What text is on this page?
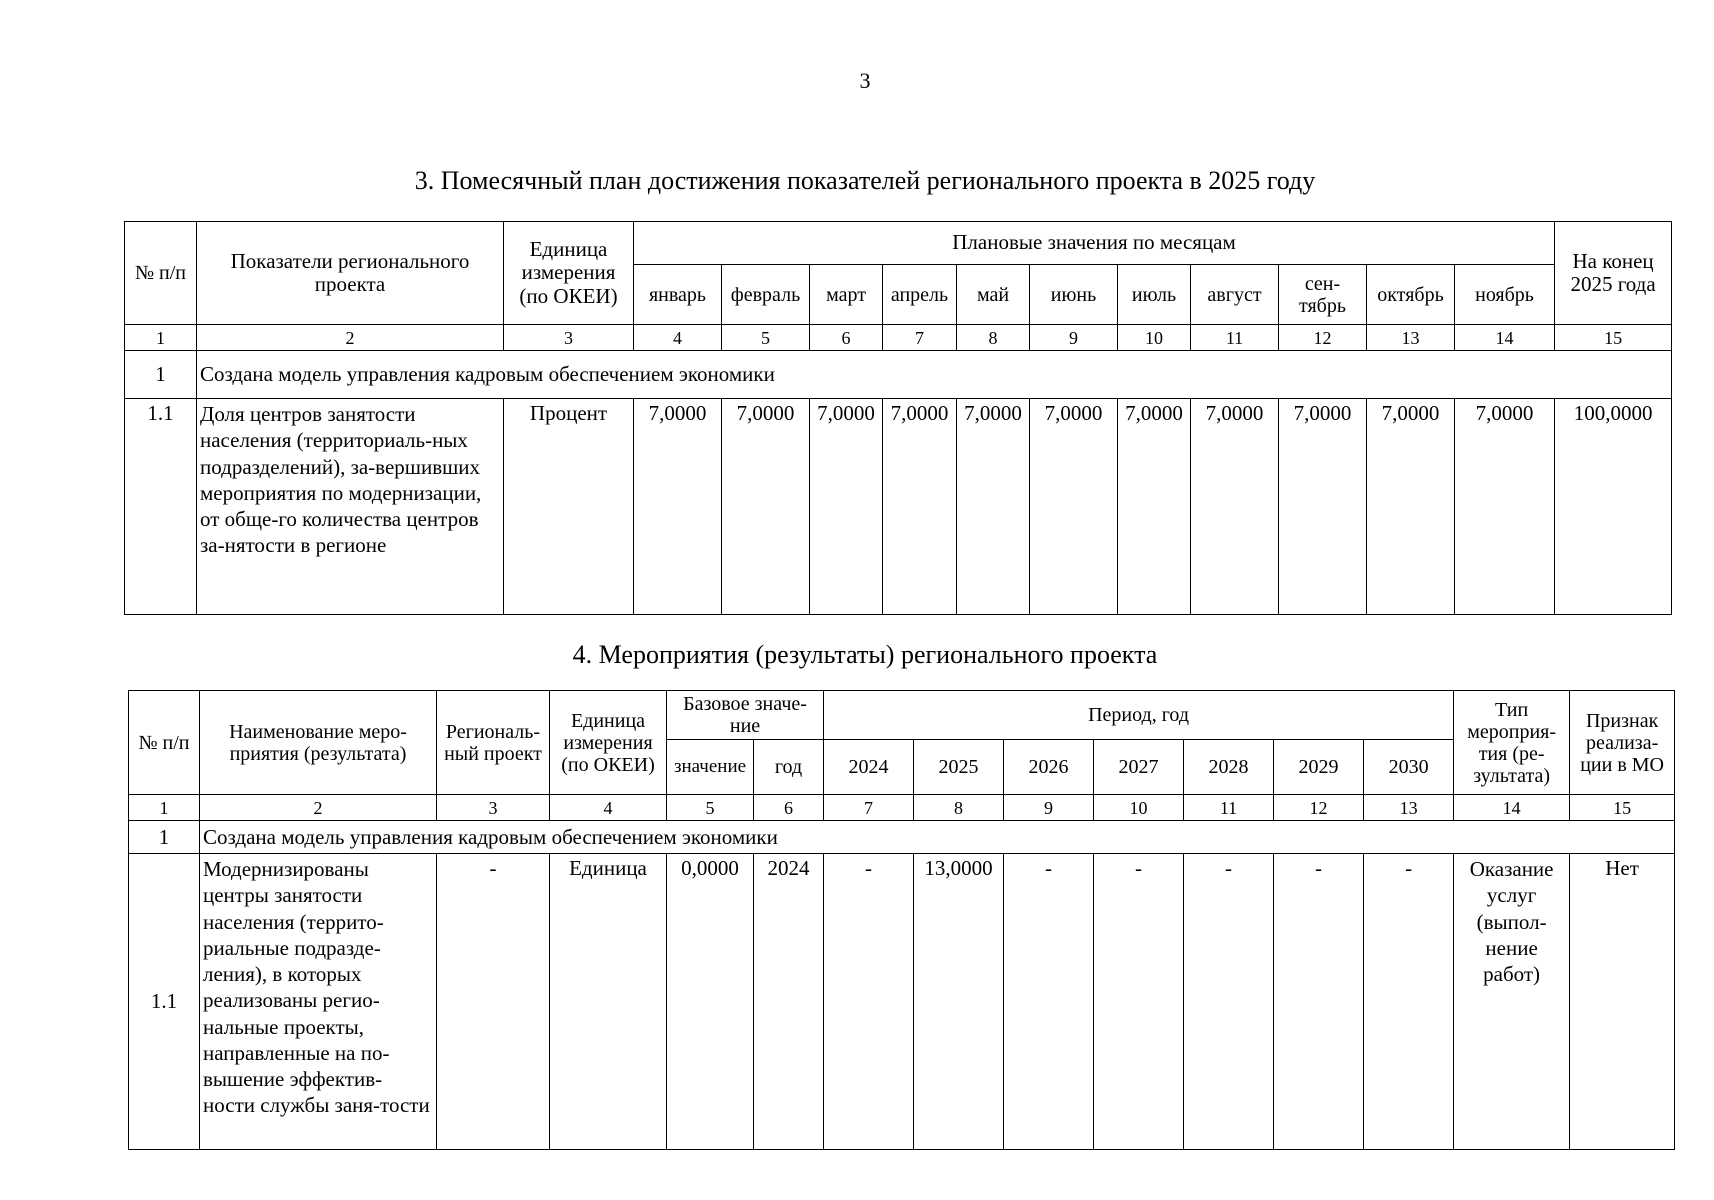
3
3. Помесячный план достижения показателей регионального проекта в 2025 году
№ п/п	Показатели регионального проекта	Единица измерения (по ОКЕИ)	Плановые значения по месяцам											На конец 2025 года
			январь	февраль	март	апрель	май	июнь	июль	август	сен-тябрь	октябрь	ноябрь	
1	2	3	4	5	6	7	8	9	10	11	12	13	14	15
1	Создана модель управления кадровым обеспечением экономики													
1.1	Доля центров занятости населения (территориаль-ных подразделений), за-вершивших мероприятия по модернизации, от обще-го количества центров за-нятости в регионе	Процент	7,0000	7,0000	7,0000	7,0000	7,0000	7,0000	7,0000	7,0000	7,0000	7,0000	7,0000	100,0000
4. Мероприятия (результаты) регионального проекта
№ п/п	Наименование меро-приятия (результата)	Региональ-ный проект	Единица измерения (по ОКЕИ)	Базовое значе-ние		Период, год							Тип мероприя-тия (ре-зультата)	Признак реализа-ции в МО
				значение	год	2024	2025	2026	2027	2028	2029	2030		
1	2	3	4	5	6	7	8	9	10	11	12	13	14	15
1	Создана модель управления кадровым обеспечением экономики													
1.1	Модернизированы центры занятости населения (террито-риальные подразде-ления), в которых реализованы регио-нальные проекты, направленные на по-вышение эффектив-ности службы заня-тости	-	Единица	0,0000	2024	-	13,0000	-	-	-	-	-	Оказание услуг (выпол-нение работ)	Нет
